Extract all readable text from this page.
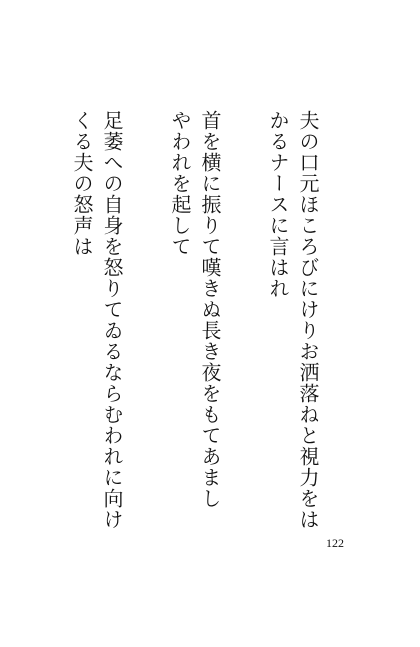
夫の口元ほころびにけりお洒落ねと視力をは
かるナースに言はれ
首を横に振りて嘆きぬ長き夜をもてあまし
やわれを起して
足萎への自身を怒りてゐるならむわれに向け
くる夫の怒声は
122
